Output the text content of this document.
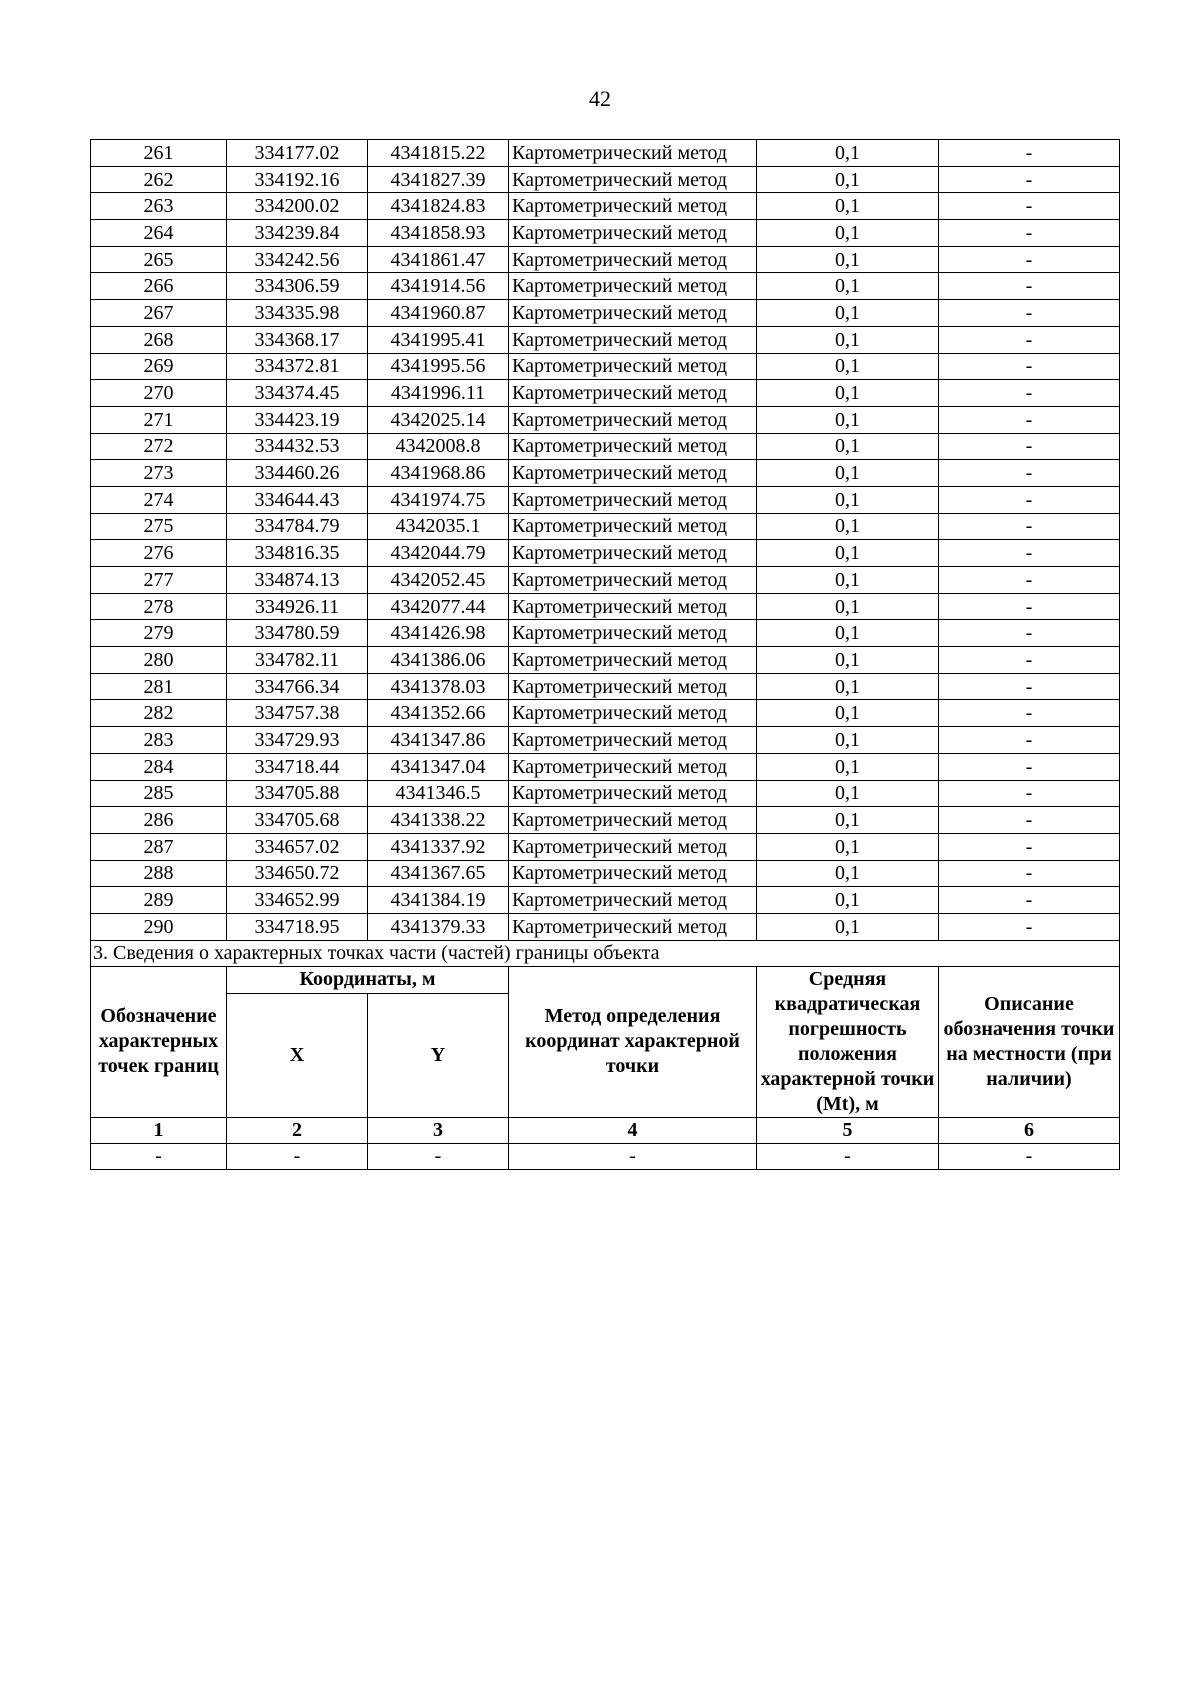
42
261	334177.02	4341815.22	Картометрический метод	0,1	-
262	334192.16	4341827.39	Картометрический метод	0,1	-
263	334200.02	4341824.83	Картометрический метод	0,1	-
264	334239.84	4341858.93	Картометрический метод	0,1	-
265	334242.56	4341861.47	Картометрический метод	0,1	-
266	334306.59	4341914.56	Картометрический метод	0,1	-
267	334335.98	4341960.87	Картометрический метод	0,1	-
268	334368.17	4341995.41	Картометрический метод	0,1	-
269	334372.81	4341995.56	Картометрический метод	0,1	-
270	334374.45	4341996.11	Картометрический метод	0,1	-
271	334423.19	4342025.14	Картометрический метод	0,1	-
272	334432.53	4342008.8	Картометрический метод	0,1	-
273	334460.26	4341968.86	Картометрический метод	0,1	-
274	334644.43	4341974.75	Картометрический метод	0,1	-
275	334784.79	4342035.1	Картометрический метод	0,1	-
276	334816.35	4342044.79	Картометрический метод	0,1	-
277	334874.13	4342052.45	Картометрический метод	0,1	-
278	334926.11	4342077.44	Картометрический метод	0,1	-
279	334780.59	4341426.98	Картометрический метод	0,1	-
280	334782.11	4341386.06	Картометрический метод	0,1	-
281	334766.34	4341378.03	Картометрический метод	0,1	-
282	334757.38	4341352.66	Картометрический метод	0,1	-
283	334729.93	4341347.86	Картометрический метод	0,1	-
284	334718.44	4341347.04	Картометрический метод	0,1	-
285	334705.88	4341346.5	Картометрический метод	0,1	-
286	334705.68	4341338.22	Картометрический метод	0,1	-
287	334657.02	4341337.92	Картометрический метод	0,1	-
288	334650.72	4341367.65	Картометрический метод	0,1	-
289	334652.99	4341384.19	Картометрический метод	0,1	-
290	334718.95	4341379.33	Картометрический метод	0,1	-
3. Сведения о характерных точках части (частей) границы объекта					
Обозначение характерных точек границ	Координаты, м		Метод определения координат характерной точки	Средняя квадратическая погрешность положения характерной точки (Mt), м	Описание обозначения точки на местности (при наличии)
	X	Y			
1	2	3	4	5	6
-	-	-	-	-	-
